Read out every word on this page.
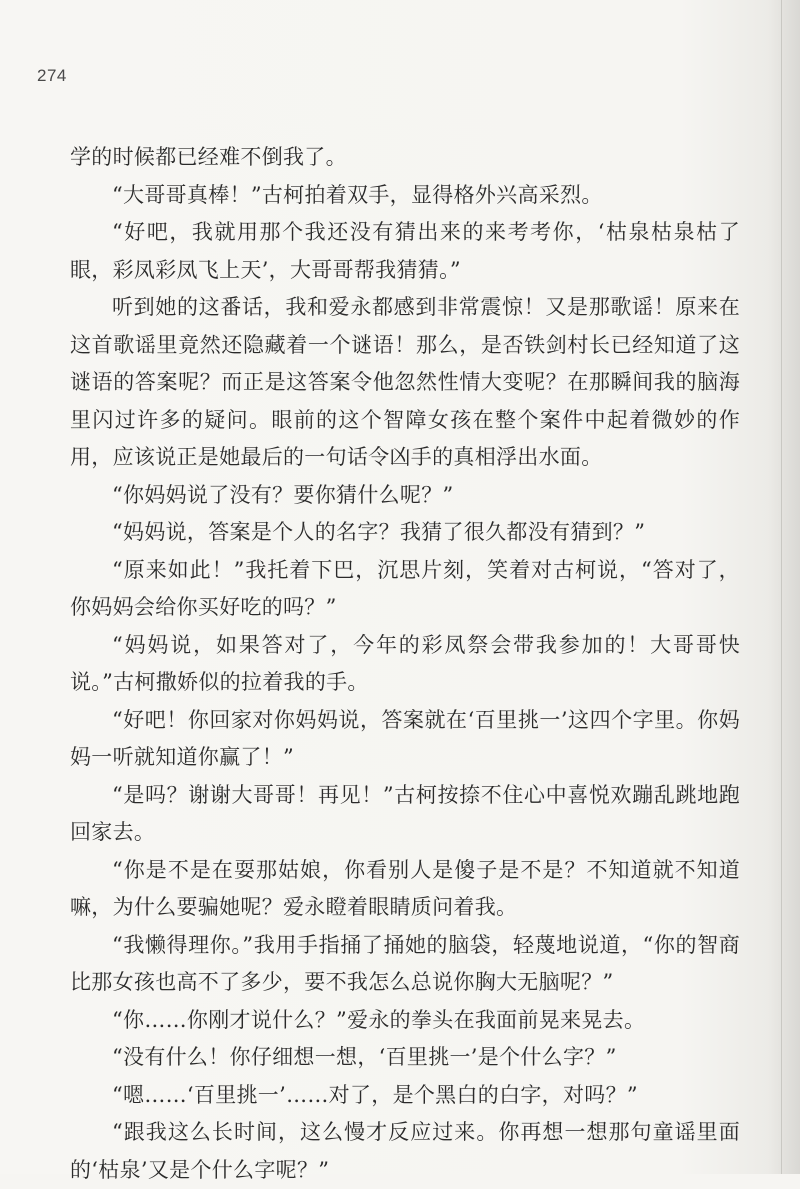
274

学的时候都已经难不倒我了。

“大哥哥真棒！”古柯拍着双手，显得格外兴高采烈。

“好吧，我就用那个我还没有猜出来的来考考你，‘枯泉枯泉枯了眼，彩凤彩凤飞上天’，大哥哥帮我猜猜。”

听到她的这番话，我和爱永都感到非常震惊！又是那歌谣！原来在这首歌谣里竟然还隐藏着一个谜语！那么，是否铁剑村长已经知道了这谜语的答案呢？而正是这答案令他忽然性情大变呢？在那瞬间我的脑海里闪过许多的疑问。眼前的这个智障女孩在整个案件中起着微妙的作用，应该说正是她最后的一句话令凶手的真相浮出水面。

“你妈妈说了没有？要你猜什么呢？”

“妈妈说，答案是个人的名字？我猜了很久都没有猜到？”

“原来如此！”我托着下巴，沉思片刻，笑着对古柯说，“答对了，你妈妈会给你买好吃的吗？”

“妈妈说，如果答对了，今年的彩凤祭会带我参加的！大哥哥快说。”古柯撒娇似的拉着我的手。

“好吧！你回家对你妈妈说，答案就在‘百里挑一’这四个字里。你妈妈一听就知道你赢了！”

“是吗？谢谢大哥哥！再见！”古柯按捺不住心中喜悦欢蹦乱跳地跑回家去。

“你是不是在耍那姑娘，你看别人是傻子是不是？不知道就不知道嘛，为什么要骗她呢？爱永瞪着眼睛质问着我。

“我懒得理你。”我用手指捅了捅她的脑袋，轻蔑地说道，“你的智商比那女孩也高不了多少，要不我怎么总说你胸大无脑呢？”

“你……你刚才说什么？”爱永的拳头在我面前晃来晃去。

“没有什么！你仔细想一想，‘百里挑一’是个什么字？”

“嗯……‘百里挑一’……对了，是个黑白的白字，对吗？”

“跟我这么长时间，这么慢才反应过来。你再想一想那句童谣里面的‘枯泉’又是个什么字呢？”
